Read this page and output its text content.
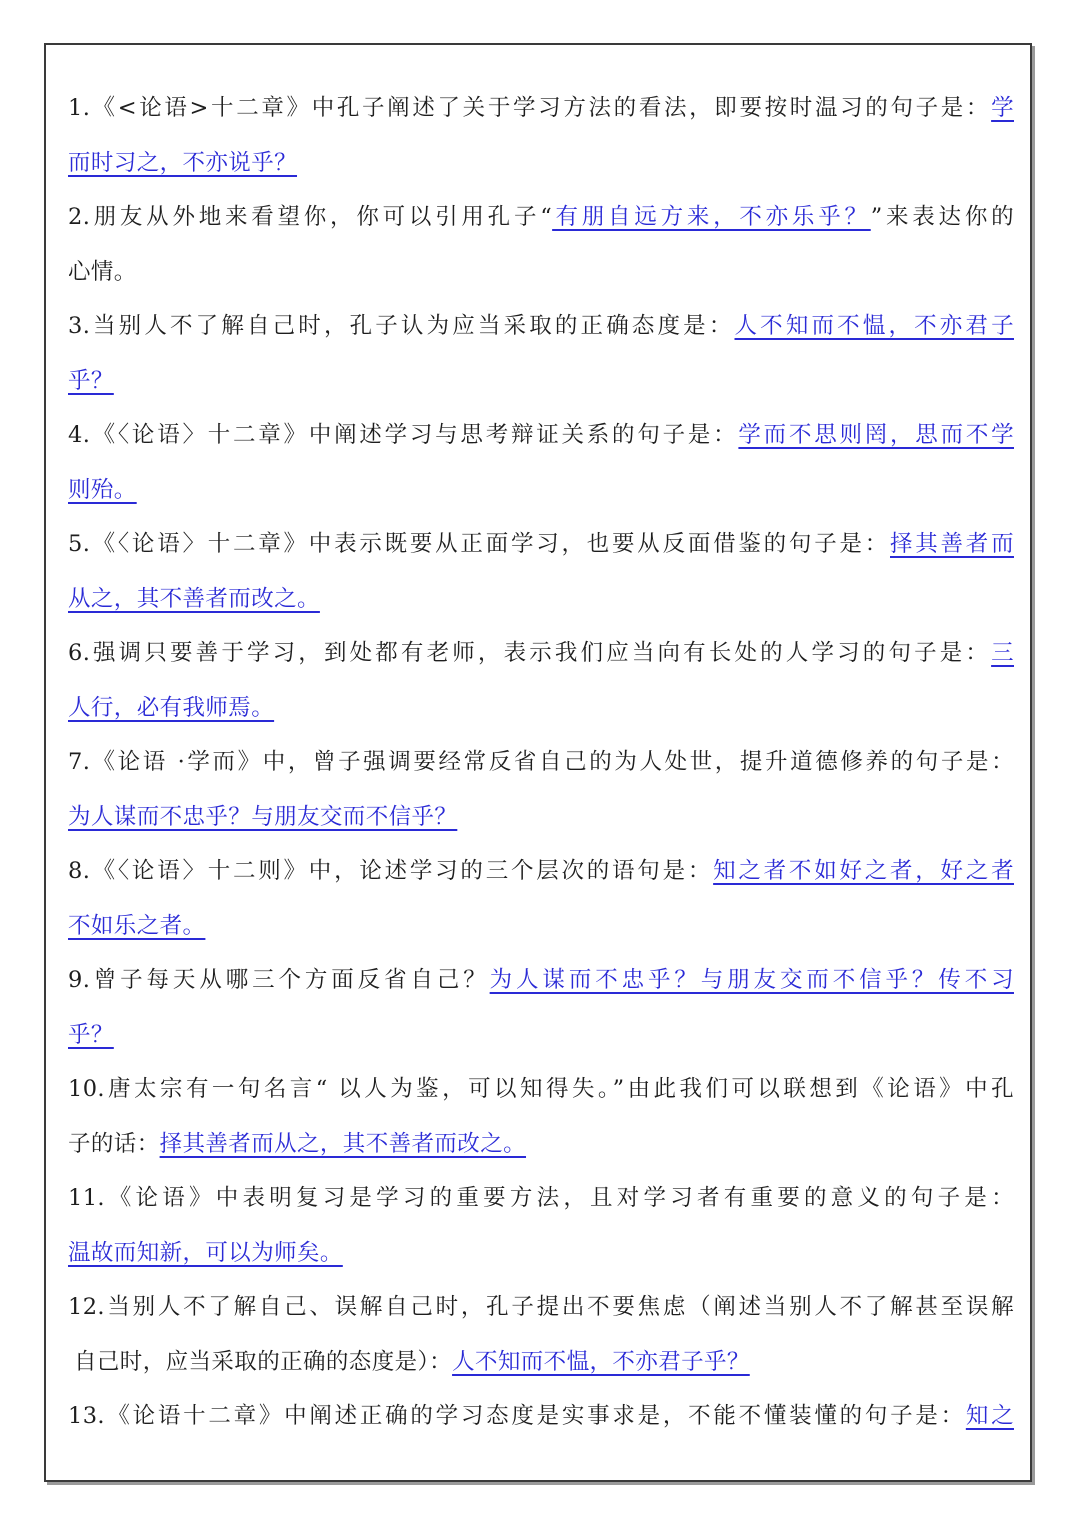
1.《<论语>十二章》中孔子阐述了关于学习方法的看法，即要按时温习的句子是：学
而时习之，不亦说乎？
2.朋友从外地来看望你，你可以引用孔子“有朋自远方来，不亦乐乎？”来表达你的
心情。
3.当别人不了解自己时，孔子认为应当采取的正确态度是：人不知而不愠，不亦君子
乎？
4.《〈论语〉十二章》中阐述学习与思考辩证关系的句子是：学而不思则罔，思而不学
则殆。
5.《〈论语〉十二章》中表示既要从正面学习，也要从反面借鉴的句子是：择其善者而
从之，其不善者而改之。
6.强调只要善于学习，到处都有老师，表示我们应当向有长处的人学习的句子是：三
人行，必有我师焉。
7.《论语 ·学而》中，曾子强调要经常反省自己的为人处世，提升道德修养的句子是：
为人谋而不忠乎？与朋友交而不信乎？
8.《〈论语〉十二则》中，论述学习的三个层次的语句是：知之者不如好之者，好之者
不如乐之者。
9.曾子每天从哪三个方面反省自己？为人谋而不忠乎？与朋友交而不信乎？传不习
乎？
10.唐太宗有一句名言“ 以人为鉴，可以知得失。”由此我们可以联想到《论语》中孔
子的话：择其善者而从之，其不善者而改之。
11.《论语》中表明复习是学习的重要方法，且对学习者有重要的意义的句子是：
温故而知新，可以为师矣。
12.当别人不了解自己、误解自己时，孔子提出不要焦虑（阐述当别人不了解甚至误解
自己时，应当采取的正确的态度是）：人不知而不愠，不亦君子乎？
13.《论语十二章》中阐述正确的学习态度是实事求是，不能不懂装懂的句子是：知之
